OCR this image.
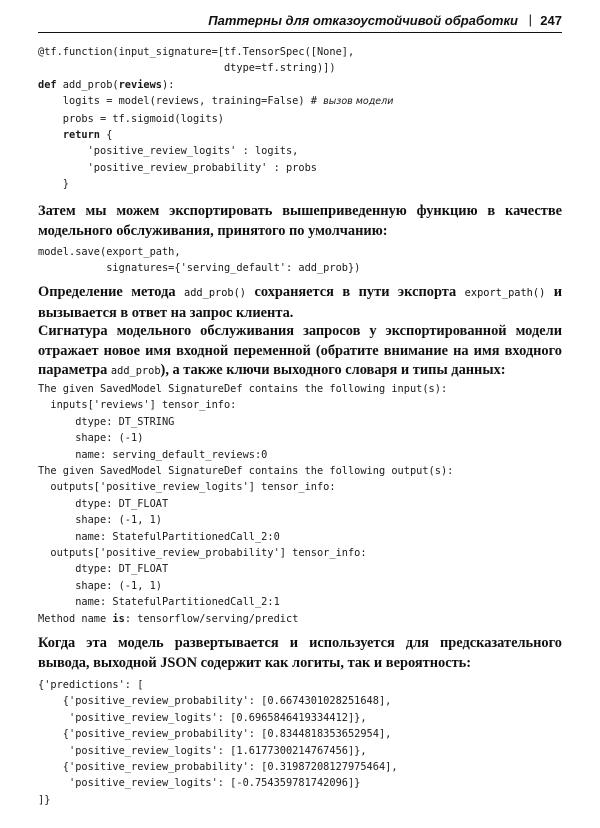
Паттерны для отказоустойчивой обработки | 247
@tf.function(input_signature=[tf.TensorSpec([None],
dtype=tf.string)])
def add_prob(reviews):
logits = model(reviews, training=False) # вызов модели
probs = tf.sigmoid(logits)
return {
'positive_review_logits' : logits,
'positive_review_probability' : probs
}
Затем мы можем экспортировать вышеприведенную функцию в качестве модельного обслуживания, принятого по умолчанию:
model.save(export_path,
signatures={'serving_default': add_prob})
Определение метода add_prob() сохраняется в пути экспорта export_path() и вызывается в ответ на запрос клиента.
Сигнатура модельного обслуживания запросов у экспортированной модели отражает новое имя входной переменной (обратите внимание на имя входного параметра add_prob), а также ключи выходного словаря и типы данных:
The given SavedModel SignatureDef contains the following input(s):
inputs['reviews'] tensor_info:
dtype: DT_STRING
shape: (-1)
name: serving_default_reviews:0
The given SavedModel SignatureDef contains the following output(s):
outputs['positive_review_logits'] tensor_info:
dtype: DT_FLOAT
shape: (-1, 1)
name: StatefulPartitionedCall_2:0
outputs['positive_review_probability'] tensor_info:
dtype: DT_FLOAT
shape: (-1, 1)
name: StatefulPartitionedCall_2:1
Method name is: tensorflow/serving/predict
Когда эта модель развертывается и используется для предсказательного вывода, выходной JSON содержит как логиты, так и вероятность:
{'predictions': [
{'positive_review_probability': [0.6674301028251648],
'positive_review_logits': [0.6965846419334412]},
{'positive_review_probability': [0.8344818353652954],
'positive_review_logits': [1.6177300214767456]},
{'positive_review_probability': [0.31987208127975464],
'positive_review_logits': [-0.754359781742096]}
]}
